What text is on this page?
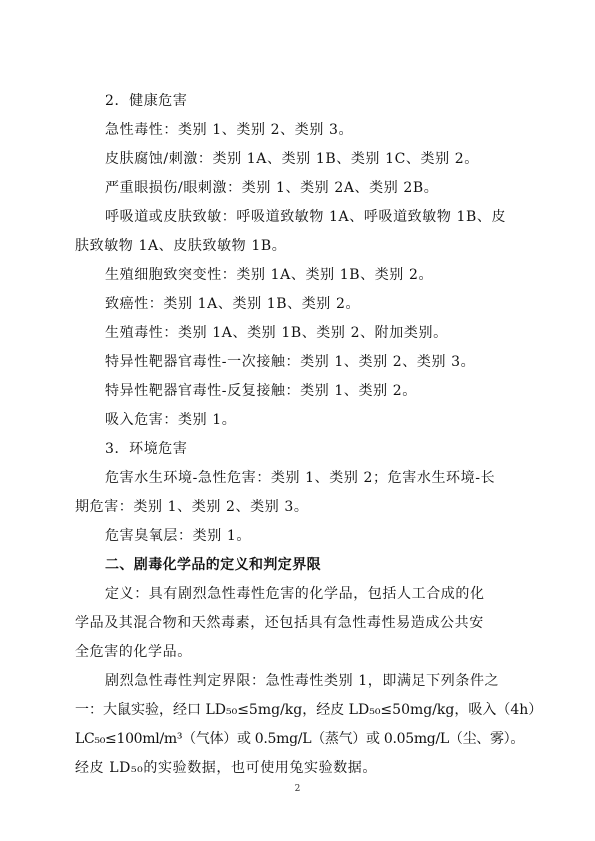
2．健康危害
急性毒性：类别 1、类别 2、类别 3。
皮肤腐蚀/刺激：类别 1A、类别 1B、类别 1C、类别 2。
严重眼损伤/眼刺激：类别 1、类别 2A、类别 2B。
呼吸道或皮肤致敏：呼吸道致敏物 1A、呼吸道致敏物 1B、皮
肤致敏物 1A、皮肤致敏物 1B。
生殖细胞致突变性：类别 1A、类别 1B、类别 2。
致癌性：类别 1A、类别 1B、类别 2。
生殖毒性：类别 1A、类别 1B、类别 2、附加类别。
特异性靶器官毒性-一次接触：类别 1、类别 2、类别 3。
特异性靶器官毒性-反复接触：类别 1、类别 2。
吸入危害：类别 1。
3．环境危害
危害水生环境-急性危害：类别 1、类别 2；危害水生环境-长
期危害：类别 1、类别 2、类别 3。
危害臭氧层：类别 1。
二、剧毒化学品的定义和判定界限
定义：具有剧烈急性毒性危害的化学品，包括人工合成的化
学品及其混合物和天然毒素，还包括具有急性毒性易造成公共安
全危害的化学品。
剧烈急性毒性判定界限：急性毒性类别 1，即满足下列条件之
一：大鼠实验，经口 LD₅₀≤5mg/kg，经皮 LD₅₀≤50mg/kg，吸入（4h）
LC₅₀≤100ml/m³（气体）或 0.5mg/L（蒸气）或 0.05mg/L（尘、雾）。
经皮 LD₅₀的实验数据，也可使用兔实验数据。
2
